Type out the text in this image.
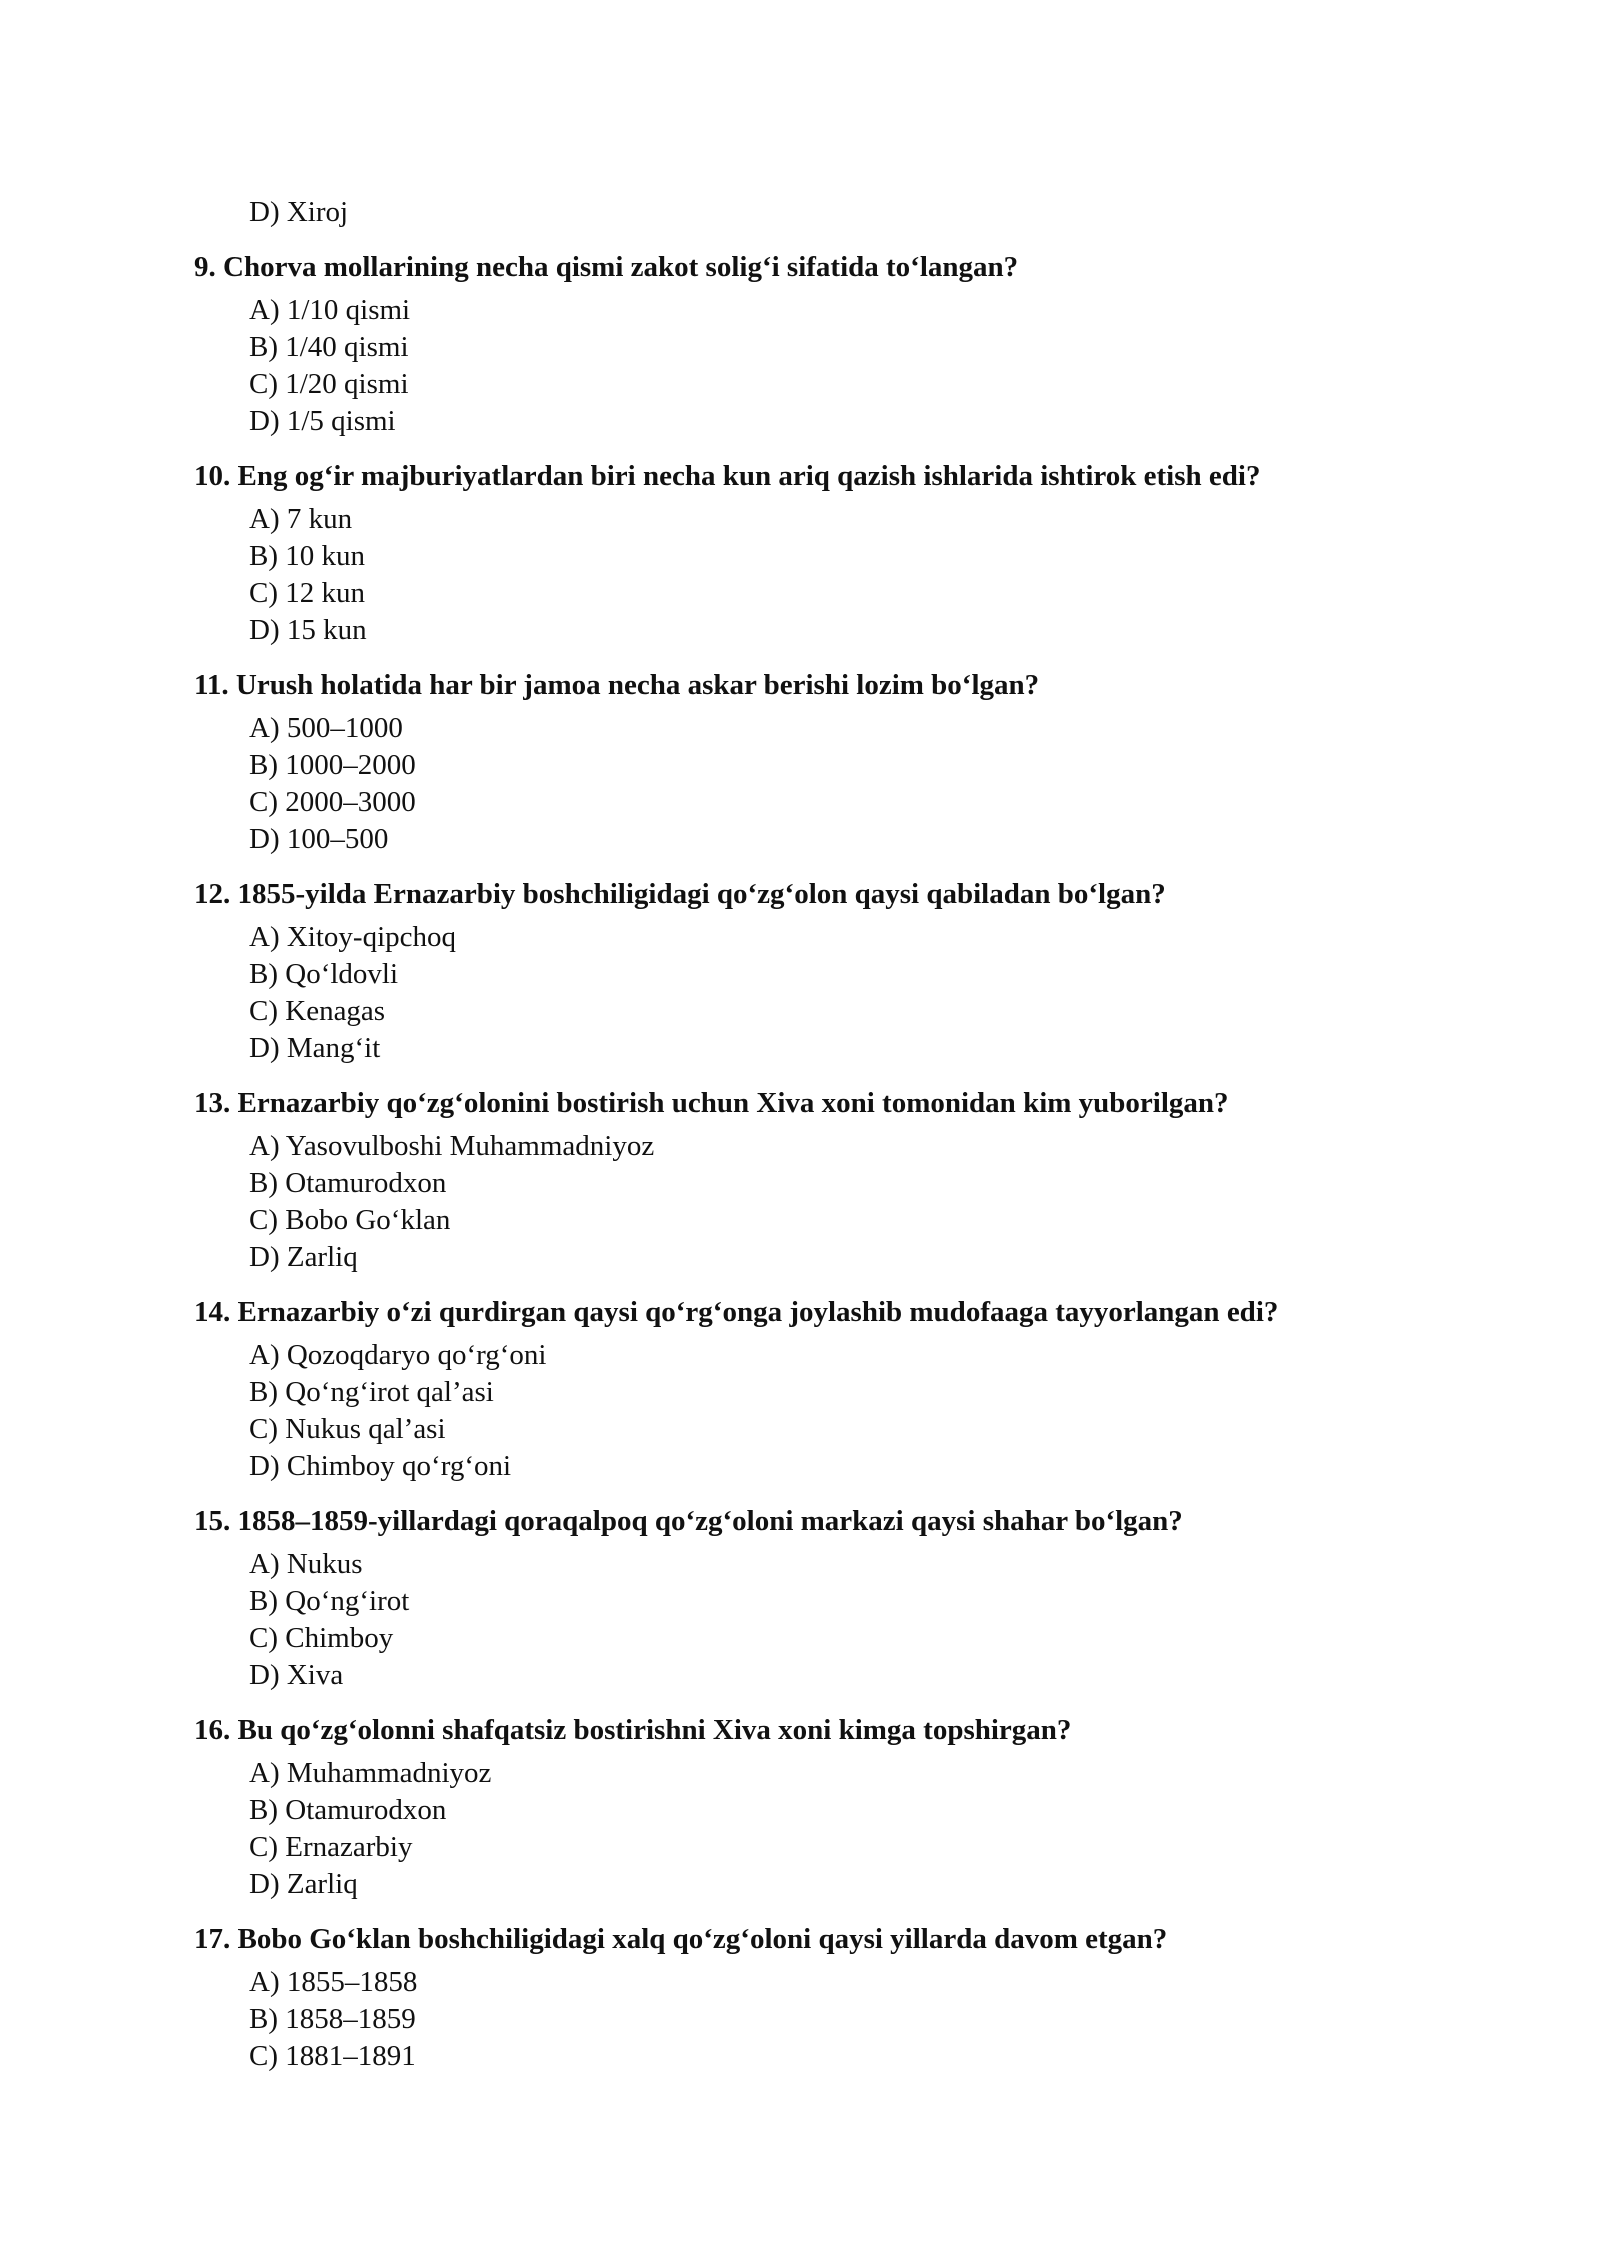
D) Xiroj
9. Chorva mollarining necha qismi zakot solig‘i sifatida to‘langan?
A) 1/10 qismi
B) 1/40 qismi
C) 1/20 qismi
D) 1/5 qismi
10. Eng og‘ir majburiyatlardan biri necha kun ariq qazish ishlarida ishtirok etish edi?
A) 7 kun
B) 10 kun
C) 12 kun
D) 15 kun
11. Urush holatida har bir jamoa necha askar berishi lozim bo‘lgan?
A) 500–1000
B) 1000–2000
C) 2000–3000
D) 100–500
12. 1855-yilda Ernazarbiy boshchiligidagi qo‘zg‘olon qaysi qabiladan bo‘lgan?
A) Xitoy-qipchoq
B) Qo‘ldovli
C) Kenagas
D) Mang‘it
13. Ernazarbiy qo‘zg‘olonini bostirish uchun Xiva xoni tomonidan kim yuborilgan?
A) Yasovulboshi Muhammadniyoz
B) Otamurodxon
C) Bobo Go‘klan
D) Zarliq
14. Ernazarbiy o‘zi qurdirgan qaysi qo‘rg‘onga joylashib mudofaaga tayyorlangan edi?
A) Qozoqdaryo qo‘rg‘oni
B) Qo‘ng‘irot qal’asi
C) Nukus qal’asi
D) Chimboy qo‘rg‘oni
15. 1858–1859-yillardagi qoraqalpoq qo‘zg‘oloni markazi qaysi shahar bo‘lgan?
A) Nukus
B) Qo‘ng‘irot
C) Chimboy
D) Xiva
16. Bu qo‘zg‘olonni shafqatsiz bostirishni Xiva xoni kimga topshirgan?
A) Muhammadniyoz
B) Otamurodxon
C) Ernazarbiy
D) Zarliq
17. Bobo Go‘klan boshchiligidagi xalq qo‘zg‘oloni qaysi yillarda davom etgan?
A) 1855–1858
B) 1858–1859
C) 1881–1891
